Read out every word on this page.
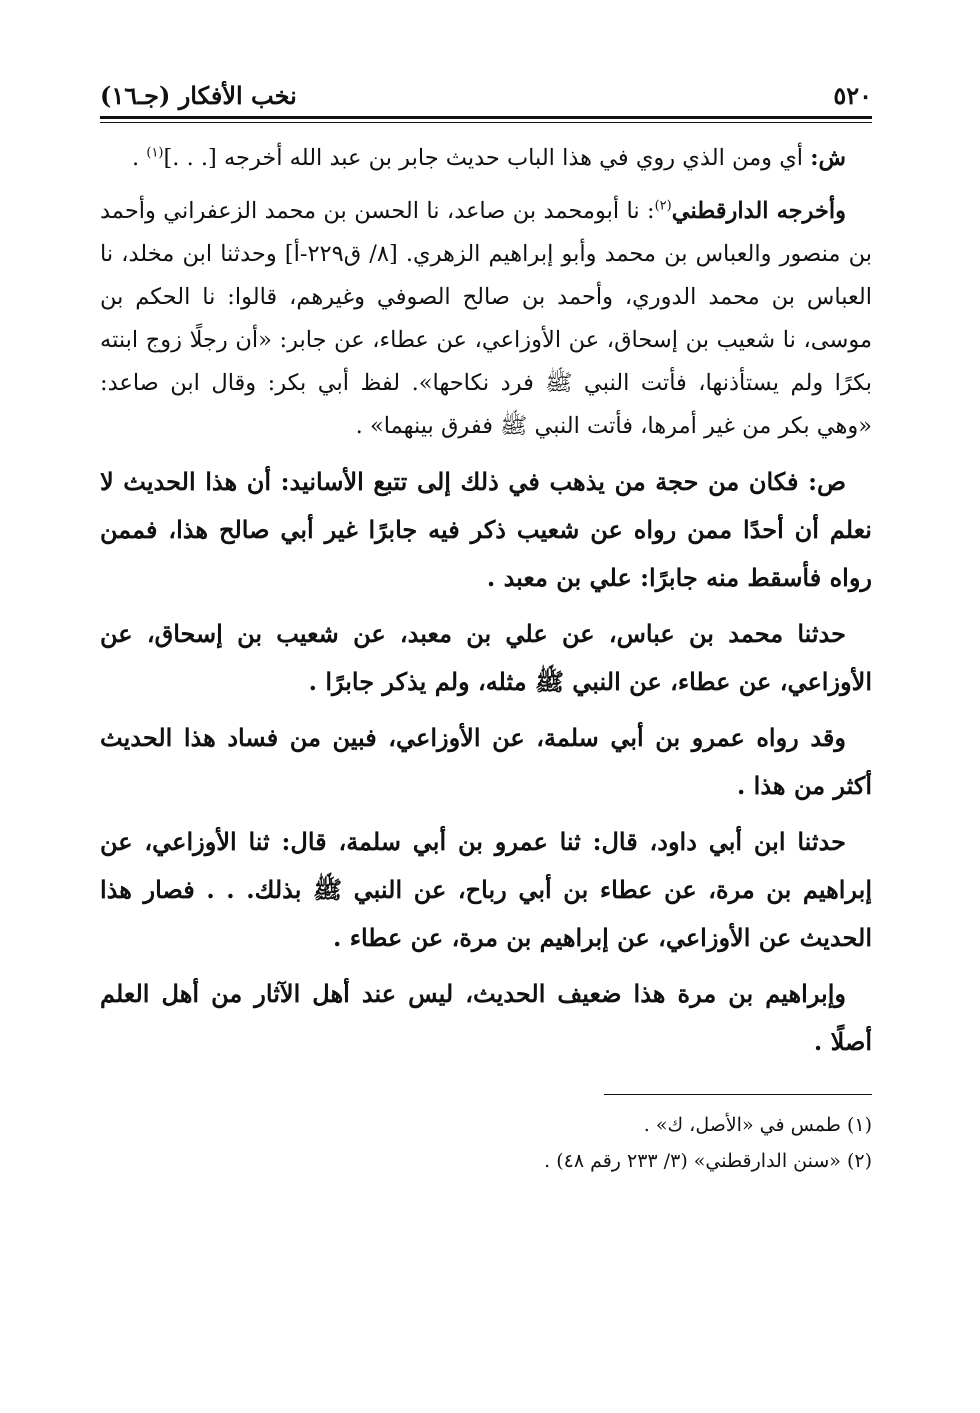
٥٢٠
نخب الأفكار (جـ١٦)

ش: أي ومن الذي روي في هذا الباب حديث جابر بن عبد الله أخرجه [. . .]$^{(١)}$ .

وأخرجه الدارقطني$^{(٢)}$: نا أبومحمد بن صاعد، نا الحسن بن محمد الزعفراني وأحمد بن منصور والعباس بن محمد وأبو إبراهيم الزهري. [٨/ ق٢٢٩-أ] وحدثنا ابن مخلد، نا العباس بن محمد الدوري، وأحمد بن صالح الصوفي وغيرهم، قالوا: نا الحكم بن موسى، نا شعيب بن إسحاق، عن الأوزاعي، عن عطاء، عن جابر: «أن رجلًا زوج ابنته بكرًا ولم يستأذنها، فأتت النبي ﷺ فرد نكاحها». لفظ أبي بكر: وقال ابن صاعد: «وهي بكر من غير أمرها، فأتت النبي ﷺ ففرق بينهما» .

ص: فكان من حجة من يذهب في ذلك إلى تتبع الأسانيد: أن هذا الحديث لا نعلم أن أحدًا ممن رواه عن شعيب ذكر فيه جابرًا غير أبي صالح هذا، فممن رواه فأسقط منه جابرًا: علي بن معبد .

حدثنا محمد بن عباس، عن علي بن معبد، عن شعيب بن إسحاق، عن الأوزاعي، عن عطاء، عن النبي ﷺ مثله، ولم يذكر جابرًا .

وقد رواه عمرو بن أبي سلمة، عن الأوزاعي، فبين من فساد هذا الحديث أكثر من هذا .

حدثنا ابن أبي داود، قال: ثنا عمرو بن أبي سلمة، قال: ثنا الأوزاعي، عن إبراهيم بن مرة، عن عطاء بن أبي رباح، عن النبي ﷺ بذلك. . . فصار هذا الحديث عن الأوزاعي، عن إبراهيم بن مرة، عن عطاء .

وإبراهيم بن مرة هذا ضعيف الحديث، ليس عند أهل الآثار من أهل العلم أصلًا .

(١) طمس في «الأصل، ك» .
(٢) «سنن الدارقطني» (٣/ ٢٣٣ رقم ٤٨) .
